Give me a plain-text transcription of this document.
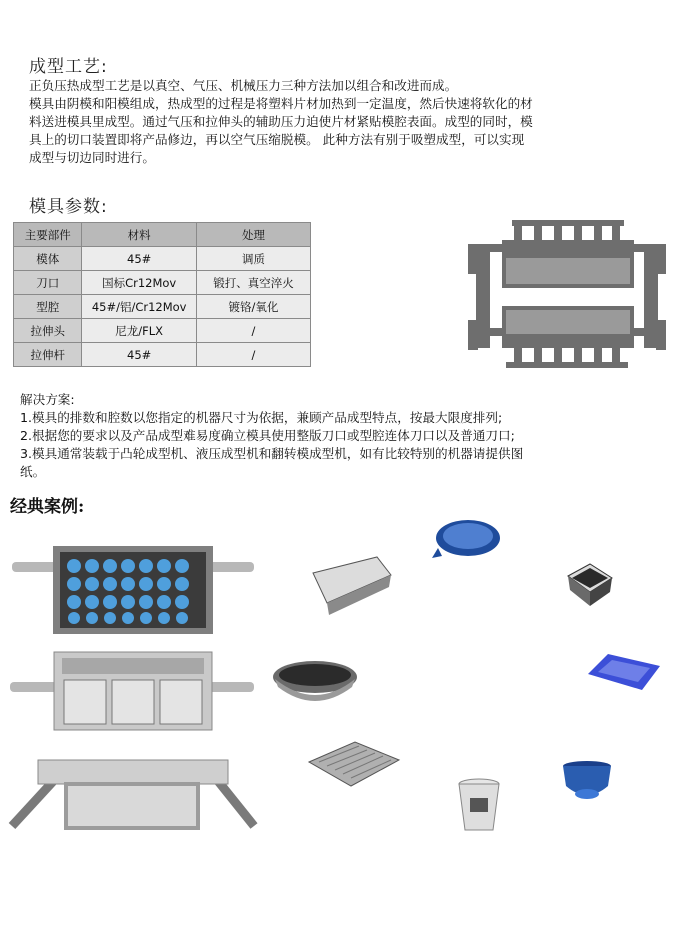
成型工艺:
正负压热成型工艺是以真空、气压、机械压力三种方法加以组合和改进而成。
模具由阴模和阳模组成，热成型的过程是将塑料片材加热到一定温度，然后快速将软化的材
料送进模具里成型。通过气压和拉伸头的辅助压力迫使片材紧贴模腔表面。成型的同时，模
具上的切口装置即将产品修边，再以空气压缩脱模。 此种方法有别于吸塑成型，可以实现
成型与切边同时进行。
模具参数:
主要部件	材料	处理
模体	45#	调质
刀口	国标Cr12Mov	锻打、真空淬火
型腔	45#/铝/Cr12Mov	镀铬/氧化
拉伸头	尼龙/FLX	/
拉伸杆	45#	/
解决方案:
1.模具的排数和腔数以您指定的机器尺寸为依据，兼顾产品成型特点，按最大限度排列;
2.根据您的要求以及产品成型难易度确立模具使用整版刀口或型腔连体刀口以及普通刀口;
3.模具通常装载于凸轮成型机、液压成型机和翻转模成型机，如有比较特别的机器请提供图
纸。
经典案例:
